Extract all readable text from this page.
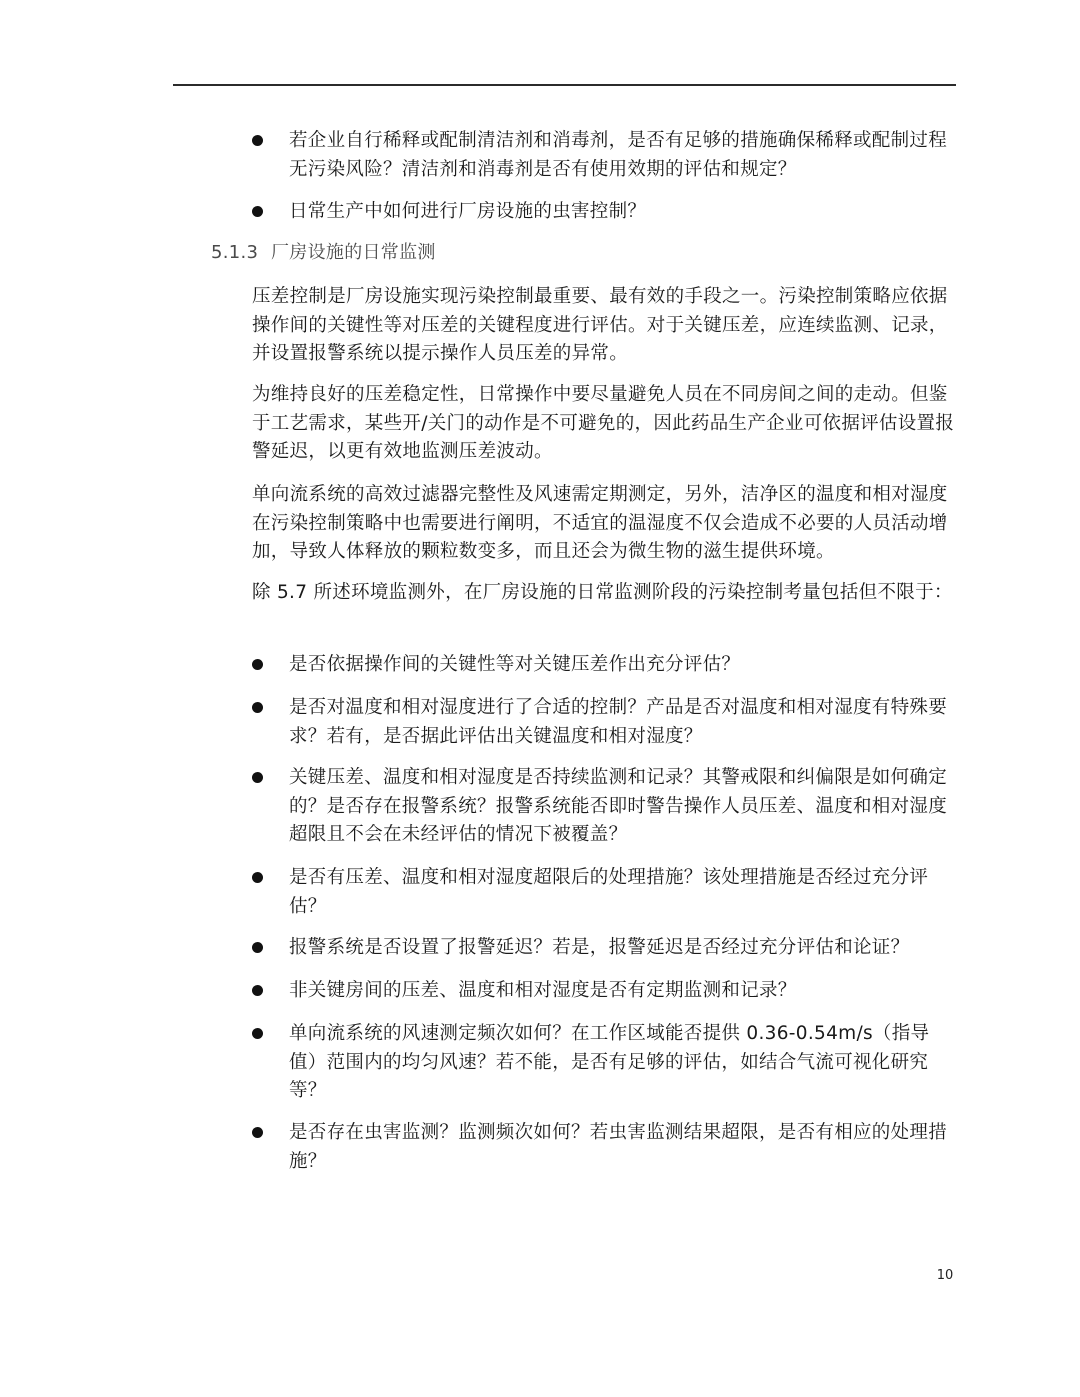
若企业自行稀释或配制清洁剂和消毒剂，是否有足够的措施确保稀释或配制过程无污染风险？清洁剂和消毒剂是否有使用效期的评估和规定？
日常生产中如何进行厂房设施的虫害控制？
5.1.3 厂房设施的日常监测
压差控制是厂房设施实现污染控制最重要、最有效的手段之一。污染控制策略应依据操作间的关键性等对压差的关键程度进行评估。对于关键压差，应连续监测、记录，并设置报警系统以提示操作人员压差的异常。
为维持良好的压差稳定性，日常操作中要尽量避免人员在不同房间之间的走动。但鉴于工艺需求，某些开/关门的动作是不可避免的，因此药品生产企业可依据评估设置报警延迟，以更有效地监测压差波动。
单向流系统的高效过滤器完整性及风速需定期测定，另外，洁净区的温度和相对湿度在污染控制策略中也需要进行阐明，不适宜的温湿度不仅会造成不必要的人员活动增加，导致人体释放的颗粒数变多，而且还会为微生物的滋生提供环境。
除 5.7 所述环境监测外，在厂房设施的日常监测阶段的污染控制考量包括但不限于：
是否依据操作间的关键性等对关键压差作出充分评估？
是否对温度和相对湿度进行了合适的控制？产品是否对温度和相对湿度有特殊要求？若有，是否据此评估出关键温度和相对湿度？
关键压差、温度和相对湿度是否持续监测和记录？其警戒限和纠偏限是如何确定的？是否存在报警系统？报警系统能否即时警告操作人员压差、温度和相对湿度超限且不会在未经评估的情况下被覆盖？
是否有压差、温度和相对湿度超限后的处理措施？该处理措施是否经过充分评估？
报警系统是否设置了报警延迟？若是，报警延迟是否经过充分评估和论证？
非关键房间的压差、温度和相对湿度是否有定期监测和记录？
单向流系统的风速测定频次如何？在工作区域能否提供 0.36-0.54m/s（指导值）范围内的均匀风速？若不能，是否有足够的评估，如结合气流可视化研究等？
是否存在虫害监测？监测频次如何？若虫害监测结果超限，是否有相应的处理措施？
10
